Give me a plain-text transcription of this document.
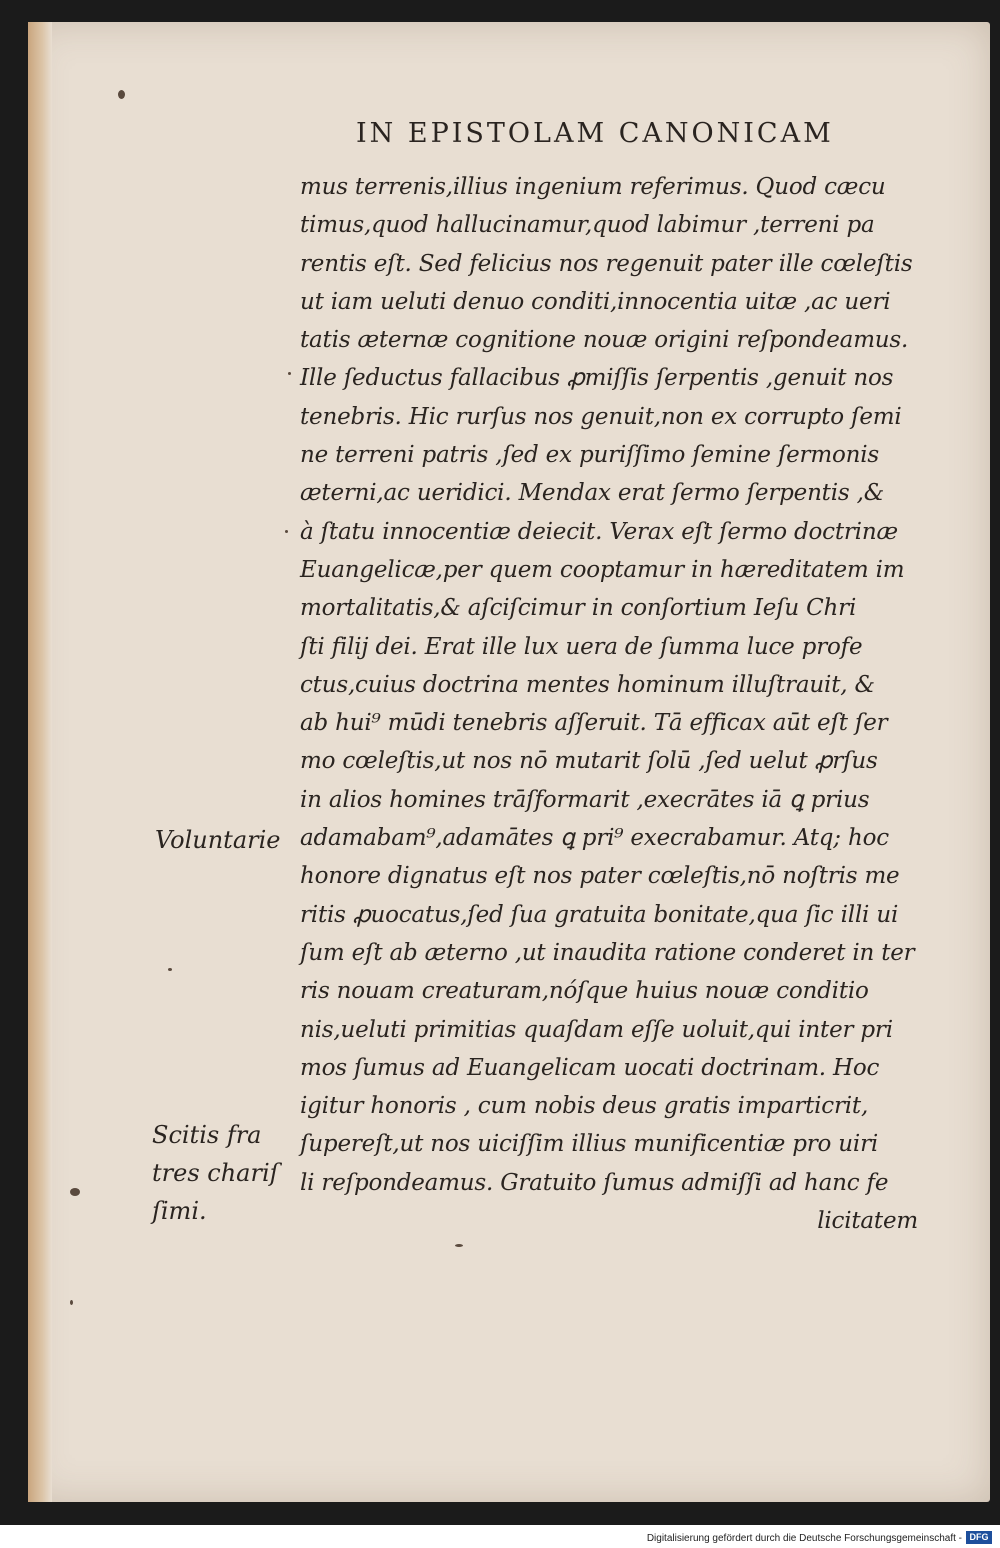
IN EPISTOLAM CANONICAM
mus terrenis,illius ingenium referimus. Quod cæcu
timus,quod hallucinamur,quod labimur ,terreni pa
rentis eſt. Sed felicius nos regenuit pater ille cœleſtis
ut iam ueluti denuo conditi,innocentia uitæ ,ac ueri
tatis æternæ cognitione nouæ origini reſpondeamus.
Ille ſeductus fallacibus ꝓmiſſis ſerpentis ,genuit nos
tenebris. Hic rurſus nos genuit,non ex corrupto ſemi
ne terreni patris ,ſed ex puriſſimo ſemine ſermonis
æterni,ac ueridici. Mendax erat ſermo ſerpentis ,&
à ſtatu innocentiæ deiecit. Verax eſt ſermo doctrinæ
Euangelicæ,per quem cooptamur in hæreditatem im
mortalitatis,& aſciſcimur in conſortium Ieſu Chri
ſti filij dei. Erat ille lux uera de ſumma luce profe
ctus,cuius doctrina mentes hominum illuſtrauit, &
ab hui⁹ mūdi tenebris aſſeruit. Tā efficax aūt eſt ſer
mo cœleſtis,ut nos nō mutarit ſolū ,ſed uelut ꝓrſus
in alios homines trāſformarit ,execrātes iā ꝗ prius
adamabam⁹,adamātes ꝗ pri⁹ execrabamur. Atq; hoc
honore dignatus eſt nos pater cœleſtis,nō noſtris me
ritis ꝓuocatus,ſed ſua gratuita bonitate,qua ſic illi ui
ſum eſt ab æterno ,ut inaudita ratione conderet in ter
ris nouam creaturam,nóſque huius nouæ conditio
nis,ueluti primitias quaſdam eſſe uoluit,qui inter pri
mos ſumus ad Euangelicam uocati doctrinam. Hoc
igitur honoris , cum nobis deus gratis imparticrit,
ſupereſt,ut nos uiciſſim illius munificentiæ pro uiri
li reſpondeamus. Gratuito ſumus admiſſi ad hanc fe
licitatem
Voluntarie
Scitis fra
tres chariſ
ſimi.
Digitalisierung gefördert durch die Deutsche Forschungsgemeinschaft - DFG
